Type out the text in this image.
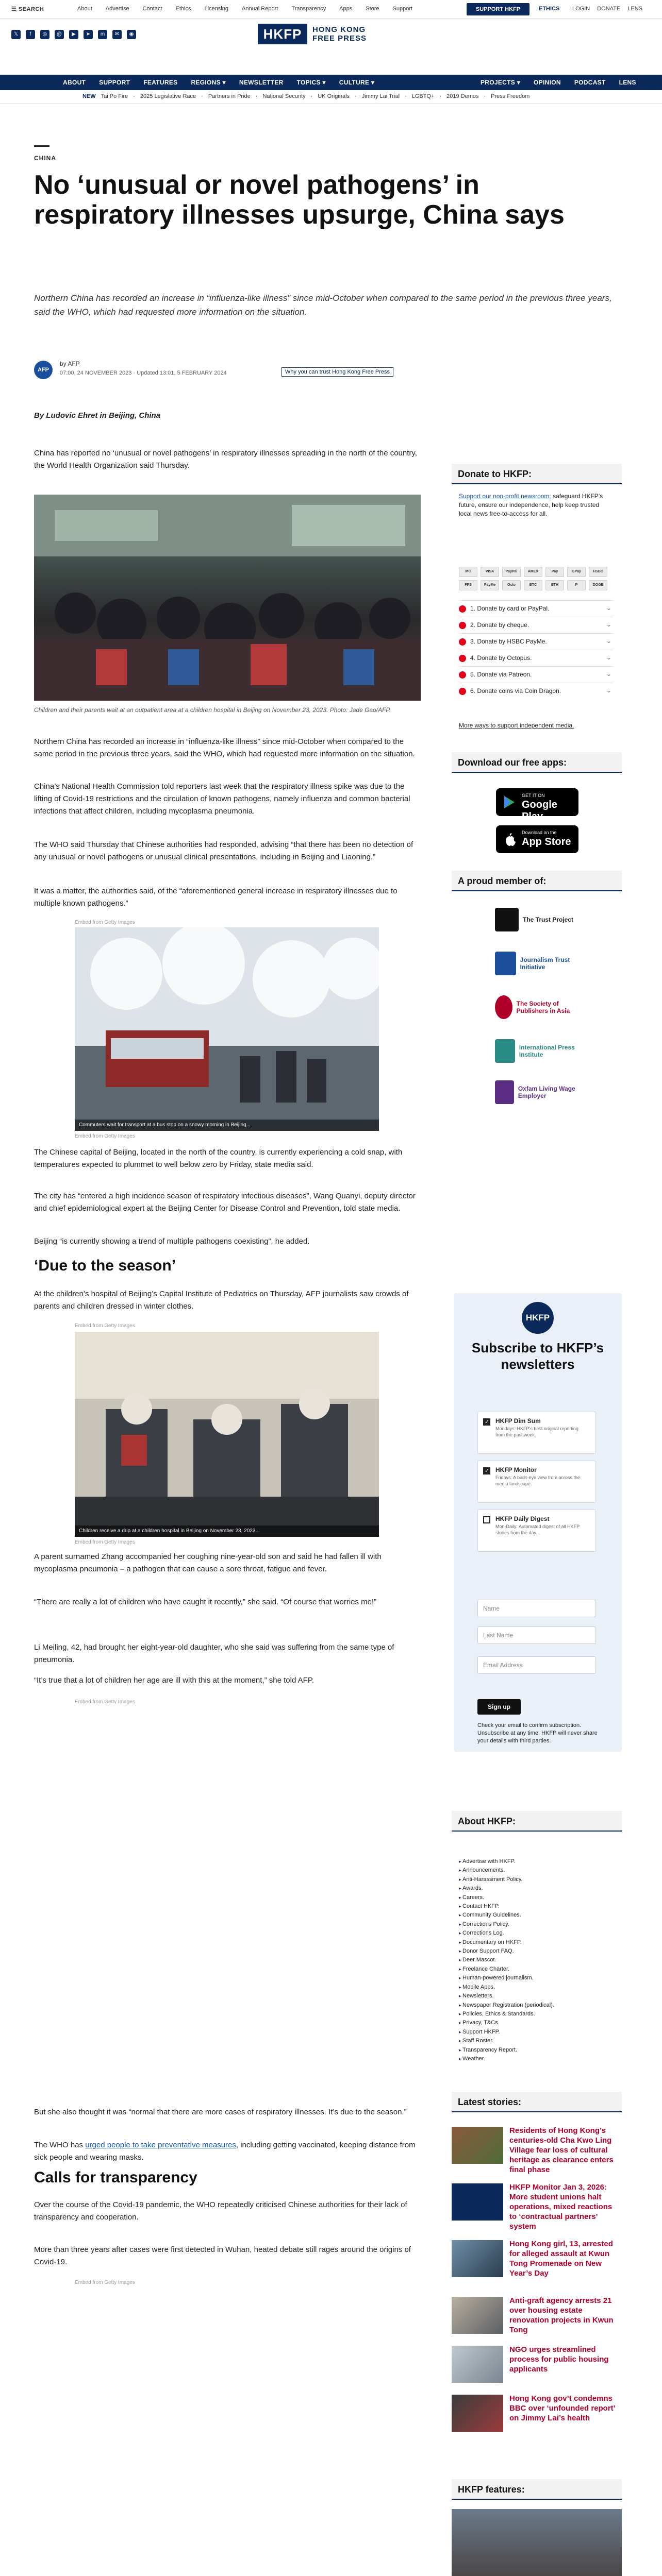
☰ SEARCH	About Advertise Contact Ethics Licensing Annual Report Transparency Apps Store Support	SUPPORT HKFP	ETHICS LOGIN DONATE LENS
𝕏	f	◎	@	▶	➤	m	✉	◉	HKFP	HONG KONG
FREE PRESS
ABOUT SUPPORT FEATURES REGIONS ▾ NEWSLETTER TOPICS ▾ CULTURE ▾	PROJECTS ▾ OPINION PODCAST LENS
NEW Tai Po Fire · 2025 Legislative Race · Partners in Pride · National Security · UK Originals · Jimmy Lai Trial · LGBTQ+ · 2019 Demos · Press Freedom
CHINA
No ‘unusual or novel pathogens’ in respiratory illnesses upsurge, China says

Northern China has recorded an increase in “influenza-like illness” since mid-October when compared to the same period in the previous three years, said the WHO, which had requested more information on the situation.

AFP
by AFP
07:00, 24 NOVEMBER 2023 · Updated 13:01, 5 FEBRUARY 2024	Why you can trust Hong Kong Free Press
By Ludovic Ehret in Beijing, China

China has reported no ‘unusual or novel pathogens’ in respiratory illnesses spreading in the north of the country, the World Health Organization said Thursday.

Children and their parents wait at an outpatient area at a children hospital in Beijing on November 23, 2023. Photo: Jade Gao/AFP.

Northern China has recorded an increase in “influenza-like illness” since mid-October when compared to the same period in the previous three years, said the WHO, which had requested more information on the situation.

China’s National Health Commission told reporters last week that the respiratory illness spike was due to the lifting of Covid-19 restrictions and the circulation of known pathogens, namely influenza and common bacterial infections that affect children, including mycoplasma pneumonia.

The WHO said Thursday that Chinese authorities had responded, advising “that there has been no detection of any unusual or novel pathogens or unusual clinical presentations, including in Beijing and Liaoning.”

It was a matter, the authorities said, of the “aforementioned general increase in respiratory illnesses due to multiple known pathogens.”

Embed from Getty Images
Commuters wait for transport at a bus stop on a snowy morning in Beijing...
Embed from Getty Images

The Chinese capital of Beijing, located in the north of the country, is currently experiencing a cold snap, with temperatures expected to plummet to well below zero by Friday, state media said.

The city has “entered a high incidence season of respiratory infectious diseases”, Wang Quanyi, deputy director and chief epidemiological expert at the Beijing Center for Disease Control and Prevention, told state media.

Beijing “is currently showing a trend of multiple pathogens coexisting”, he added.

‘Due to the season’

At the children’s hospital of Beijing’s Capital Institute of Pediatrics on Thursday, AFP journalists saw crowds of parents and children dressed in winter clothes.

Embed from Getty Images
Children receive a drip at a children hospital in Beijing on November 23, 2023...
Embed from Getty Images

A parent surnamed Zhang accompanied her coughing nine-year-old son and said he had fallen ill with mycoplasma pneumonia – a pathogen that can cause a sore throat, fatigue and fever.

“There are really a lot of children who have caught it recently,” she said. “Of course that worries me!”

Li Meiling, 42, had brought her eight-year-old daughter, who she said was suffering from the same type of pneumonia.

“It’s true that a lot of children her age are ill with this at the moment,” she told AFP.

Embed from Getty Images

But she also thought it was “normal that there are more cases of respiratory illnesses. It’s due to the season.”

The WHO has urged people to take preventative measures, including getting vaccinated, keeping distance from sick people and wearing masks.

Calls for transparency

Over the course of the Covid-19 pandemic, the WHO repeatedly criticised Chinese authorities for their lack of transparency and cooperation.

More than three years after cases were first detected in Wuhan, heated debate still rages around the origins of Covid-19.

Embed from Getty Images

Donate to HKFP:
Support our non-profit newsroom: safeguard HKFP’s future, ensure our independence, help keep trusted local news free-to-access for all.
MC	VISA	PayPal	AMEX	Pay	GPay	HSBC
FPS	PayMe	Octo	BTC	ETH	P	DOGE
1. Donate by card or PayPal.	⌄
2. Donate by cheque.	⌄
3. Donate by HSBC PayMe.	⌄
4. Donate by Octopus.	⌄
5. Donate via Patreon.	⌄
6. Donate coins via Coin Dragon.	⌄
More ways to support independent media.
Download our free apps:
GET IT ON
Google Play
Download on the
App Store
A proud member of:
The Trust Project
Journalism Trust Initiative
The Society of Publishers in Asia
International Press Institute
Oxfam Living Wage Employer
HKFP
Subscribe to HKFP’s newsletters
✓
HKFP Dim Sum
Mondays: HKFP’s best original reporting from the past week.
✓
HKFP Monitor
Fridays: A birds-eye view from across the media landscape.
HKFP Daily Digest
Mon-Daily: Automated digest of all HKFP stories from the day.
Name
Last Name
Email Address
Sign up
Check your email to confirm subscription. Unsubscribe at any time. HKFP will never share your details with third parties.
About HKFP:
▸ Advertise with HKFP.
▸ Announcements.
▸ Anti-Harassment Policy.
▸ Awards.
▸ Careers.
▸ Contact HKFP.
▸ Community Guidelines.
▸ Corrections Policy.
▸ Corrections Log.
▸ Documentary on HKFP.
▸ Donor Support FAQ.
▸ Deer Mascot.
▸ Freelance Charter.
▸ Human-powered journalism.
▸ Mobile Apps.
▸ Newsletters.
▸ Newspaper Registration (periodical).
▸ Policies, Ethics & Standards.
▸ Privacy, T&Cs.
▸ Support HKFP.
▸ Staff Roster.
▸ Transparency Report.
▸ Weather.
Latest stories:
Residents of Hong Kong’s centuries-old Cha Kwo Ling Village fear loss of cultural heritage as clearance enters final phase
HKFP Monitor Jan 3, 2026: More student unions halt operations, mixed reactions to ‘contractual partners’ system
Hong Kong girl, 13, arrested for alleged assault at Kwun Tong Promenade on New Year’s Day
Anti-graft agency arrests 21 over housing estate renovation projects in Kwun Tong
NGO urges streamlined process for public housing applicants
Hong Kong gov’t condemns BBC over ‘unfounded report’ on Jimmy Lai’s health
HKFP features:
